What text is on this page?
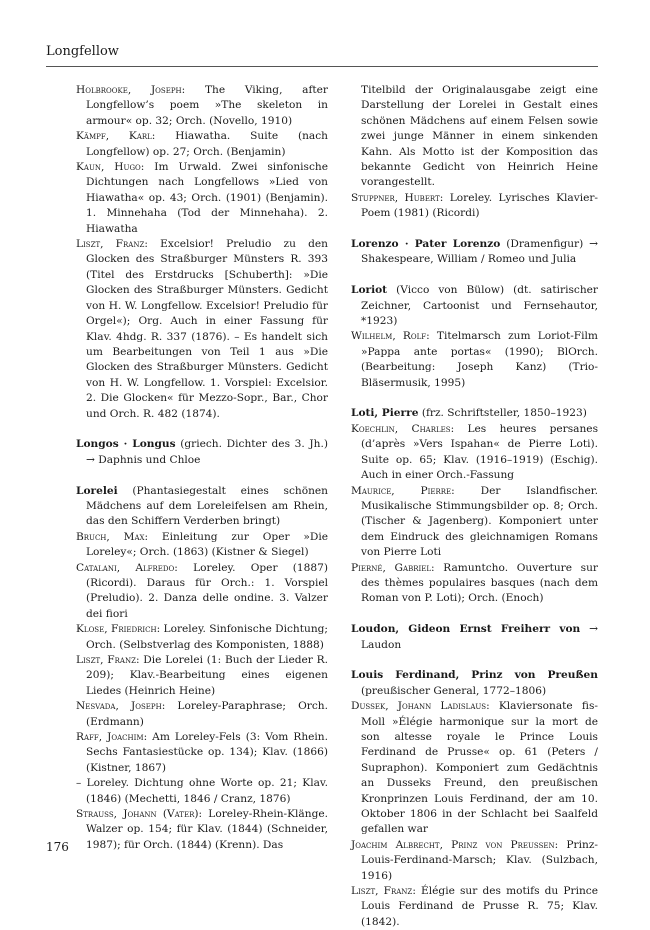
Longfellow

Holbrooke, Joseph: The Viking, after Longfellow’s poem »The skeleton in armour« op. 32; Orch. (Novello, 1910)

Kämpf, Karl: Hiawatha. Suite (nach Longfellow) op. 27; Orch. (Benjamin)

Kaun, Hugo: Im Urwald. Zwei sinfonische Dichtungen nach Longfellows »Lied von Hiawatha« op. 43; Orch. (1901) (Benjamin). 1. Minnehaha (Tod der Minnehaha). 2. Hiawatha

Liszt, Franz: Excelsior! Preludio zu den Glocken des Straßburger Münsters R. 393 (Titel des Erstdrucks [Schuberth]: »Die Glocken des Straßburger Münsters. Gedicht von H. W. Longfellow. Excelsior! Preludio für Orgel«); Org. Auch in einer Fassung für Klav. 4hdg. R. 337 (1876). – Es handelt sich um Bearbeitungen von Teil 1 aus »Die Glocken des Straßburger Münsters. Gedicht von H. W. Longfellow. 1. Vorspiel: Excelsior. 2. Die Glocken« für Mezzo-Sopr., Bar., Chor und Orch. R. 482 (1874).

Longos · Longus (griech. Dichter des 3. Jh.) → Daphnis und Chloe

Lorelei (Phantasiegestalt eines schönen Mädchens auf dem Loreleifelsen am Rhein, das den Schiffern Verderben bringt)

Bruch, Max: Einleitung zur Oper »Die Loreley«; Orch. (1863) (Kistner & Siegel)

Catalani, Alfredo: Loreley. Oper (1887) (Ricordi). Daraus für Orch.: 1. Vorspiel (Preludio). 2. Danza delle ondine. 3. Valzer dei fiori

Klose, Friedrich: Loreley. Sinfonische Dichtung; Orch. (Selbstverlag des Komponisten, 1888)

Liszt, Franz: Die Lorelei (1: Buch der Lieder R. 209); Klav.-Bearbeitung eines eigenen Liedes (Heinrich Heine)

Nesvada, Joseph: Loreley-Paraphrase; Orch. (Erdmann)

Raff, Joachim: Am Loreley-Fels (3: Vom Rhein. Sechs Fantasiestücke op. 134); Klav. (1866) (Kistner, 1867)

– Loreley. Dichtung ohne Worte op. 21; Klav. (1846) (Mechetti, 1846 / Cranz, 1876)

Strauss, Johann (Vater): Loreley-Rhein-Klänge. Walzer op. 154; für Klav. (1844) (Schneider, 1987); für Orch. (1844) (Krenn). Das

Titelbild der Originalausgabe zeigt eine Darstellung der Lorelei in Gestalt eines schönen Mädchens auf einem Felsen sowie zwei junge Männer in einem sinkenden Kahn. Als Motto ist der Komposition das bekannte Gedicht von Heinrich Heine vorangestellt.

Stuppner, Hubert: Loreley. Lyrisches Klavier-Poem (1981) (Ricordi)

Lorenzo · Pater Lorenzo (Dramenfigur) → Shakespeare, William / Romeo und Julia

Loriot (Vicco von Bülow) (dt. satirischer Zeichner, Cartoonist und Fernsehautor, *1923)

Wilhelm, Rolf: Titelmarsch zum Loriot-Film »Pappa ante portas« (1990); BlOrch. (Bearbeitung: Joseph Kanz) (Trio-Bläsermusik, 1995)

Loti, Pierre (frz. Schriftsteller, 1850–1923)

Koechlin, Charles: Les heures persanes (d’après »Vers Ispahan« de Pierre Loti). Suite op. 65; Klav. (1916–1919) (Eschig). Auch in einer Orch.-Fassung

Maurice, Pierre: Der Islandfischer. Musikalische Stimmungsbilder op. 8; Orch. (Tischer & Jagenberg). Komponiert unter dem Eindruck des gleichnamigen Romans von Pierre Loti

Pierné, Gabriel: Ramuntcho. Ouverture sur des thèmes populaires basques (nach dem Roman von P. Loti); Orch. (Enoch)

Loudon, Gideon Ernst Freiherr von → Laudon

Louis Ferdinand, Prinz von Preußen (preußischer General, 1772–1806)

Dussek, Johann Ladislaus: Klaviersonate fis-Moll »Élégie harmonique sur la mort de son altesse royale le Prince Louis Ferdinand de Prusse« op. 61 (Peters / Supraphon). Komponiert zum Gedächtnis an Dusseks Freund, den preußischen Kronprinzen Louis Ferdinand, der am 10. Oktober 1806 in der Schlacht bei Saalfeld gefallen war

Joachim Albrecht, Prinz von Preussen: Prinz-Louis-Ferdinand-Marsch; Klav. (Sulzbach, 1916)

Liszt, Franz: Élégie sur des motifs du Prince Louis Ferdinand de Prusse R. 75; Klav. (1842).

176
